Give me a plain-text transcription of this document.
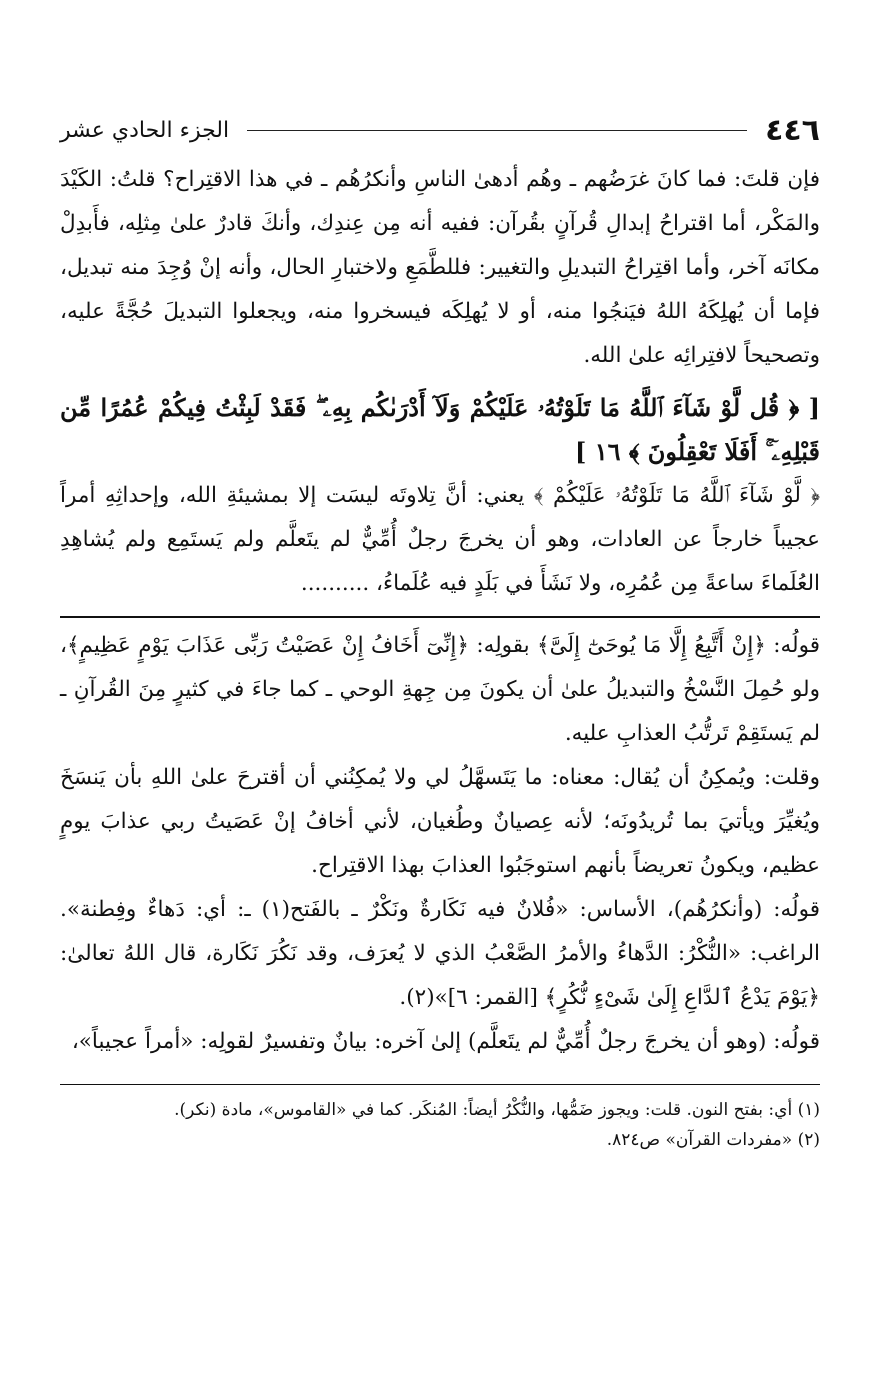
٤٤٦
الجزء الحادي عشر

فإن قلتَ: فما كانَ غرَضُهم ـ وهُم أدهىٰ الناسِ وأنكرُهُم ـ في هذا الاقتِراح؟ قلتُ: الكَيْدَ والمَكْر، أما اقتراحُ إبدالِ قُرآنٍ بقُرآن: ففيه أنه مِن عِندِك، وأنكَ قادرٌ علىٰ مِثلِه، فأَبدِلْ مكانَه آخر، وأما اقتِراحُ التبديلِ والتغيير: فللطَّمَعِ ولاختبارِ الحال، وأنه إنْ وُجِدَ منه تبديل، فإما أن يُهلِكَهُ اللهُ فيَنجُوا منه، أو لا يُهلِكَه فيسخروا منه، ويجعلوا التبديلَ حُجَّةً عليه، وتصحيحاً لافتِرائِه علىٰ الله.

[ ﴿ قُل لَّوْ شَآءَ ٱللَّهُ مَا تَلَوْتُهُۥ عَلَيْكُمْ وَلَآ أَدْرَىٰكُم بِهِۦ ۖ فَقَدْ لَبِثْتُ فِيكُمْ عُمُرًا مِّن قَبْلِهِۦٓ ۚ أَفَلَا تَعْقِلُونَ ﴾ ١٦ ]

﴿ لَّوْ شَآءَ ٱللَّهُ مَا تَلَوْتُهُۥ عَلَيْكُمْ ﴾ يعني: أنَّ تِلاوتَه ليسَت إلا بمشيئةِ الله، وإحداثِهِ أمراً عجيباً خارجاً عن العادات، وهو أن يخرجَ رجلٌ أُمِّيٌّ لم يتَعلَّم ولم يَستَمِع ولم يُشاهِدِ العُلَماءَ ساعةً مِن عُمُرِه، ولا نَشَأَ في بَلَدٍ فيه عُلَماءُ، ..........

قولُه: ﴿إِنْ أَتَّبِعُ إِلَّا مَا يُوحَىٰٓ إِلَىَّ﴾ بقولِه: ﴿إِنِّىٓ أَخَافُ إِنْ عَصَيْتُ رَبِّى عَذَابَ يَوْمٍ عَظِيمٍ﴾، ولو حُمِلَ النَّسْخُ والتبديلُ علىٰ أن يكونَ مِن جِهةِ الوحي ـ كما جاءَ في كثيرٍ مِنَ القُرآنِ ـ لم يَستَقِمْ تَرتُّبُ العذابِ عليه.

وقلت: ويُمكِنُ أن يُقال: معناه: ما يَتَسهَّلُ لي ولا يُمكِنُني أن أقترحَ علىٰ اللهِ بأن يَنسَخَ ويُغيِّرَ ويأتيَ بما تُريدُونَه؛ لأنه عِصيانٌ وطُغيان، لأني أخافُ إنْ عَصَيتُ ربي عذابَ يومٍ عظيم، ويكونُ تعريضاً بأنهم استوجَبُوا العذابَ بهذا الاقتِراح.

قولُه: (وأنكرُهُم)، الأساس: «فُلانٌ فيه نَكَارةٌ ونَكْرٌ ـ بالفَتح(١) ـ: أي: دَهاءٌ وفِطنة». الراغب: «النُّكْرُ: الدَّهاءُ والأمرُ الصَّعْبُ الذي لا يُعرَف، وقد نَكُرَ نَكَارة، قال اللهُ تعالىٰ: ﴿يَوْمَ يَدْعُ ٱلدَّاعِ إِلَىٰ شَىْءٍ نُّكُرٍ﴾ [القمر: ٦]»(٢).

قولُه: (وهو أن يخرجَ رجلٌ أُمِّيٌّ لم يتَعلَّم) إلىٰ آخره: بيانٌ وتفسيرٌ لقولِه: «أمراً عجيباً»،

(١) أي: بفتح النون. قلت: ويجوز ضَمُّها، والنُّكْرُ أيضاً: المُنكَر. كما في «القاموس»، مادة (نكر).

(٢) «مفردات القرآن» ص٨٢٤.
